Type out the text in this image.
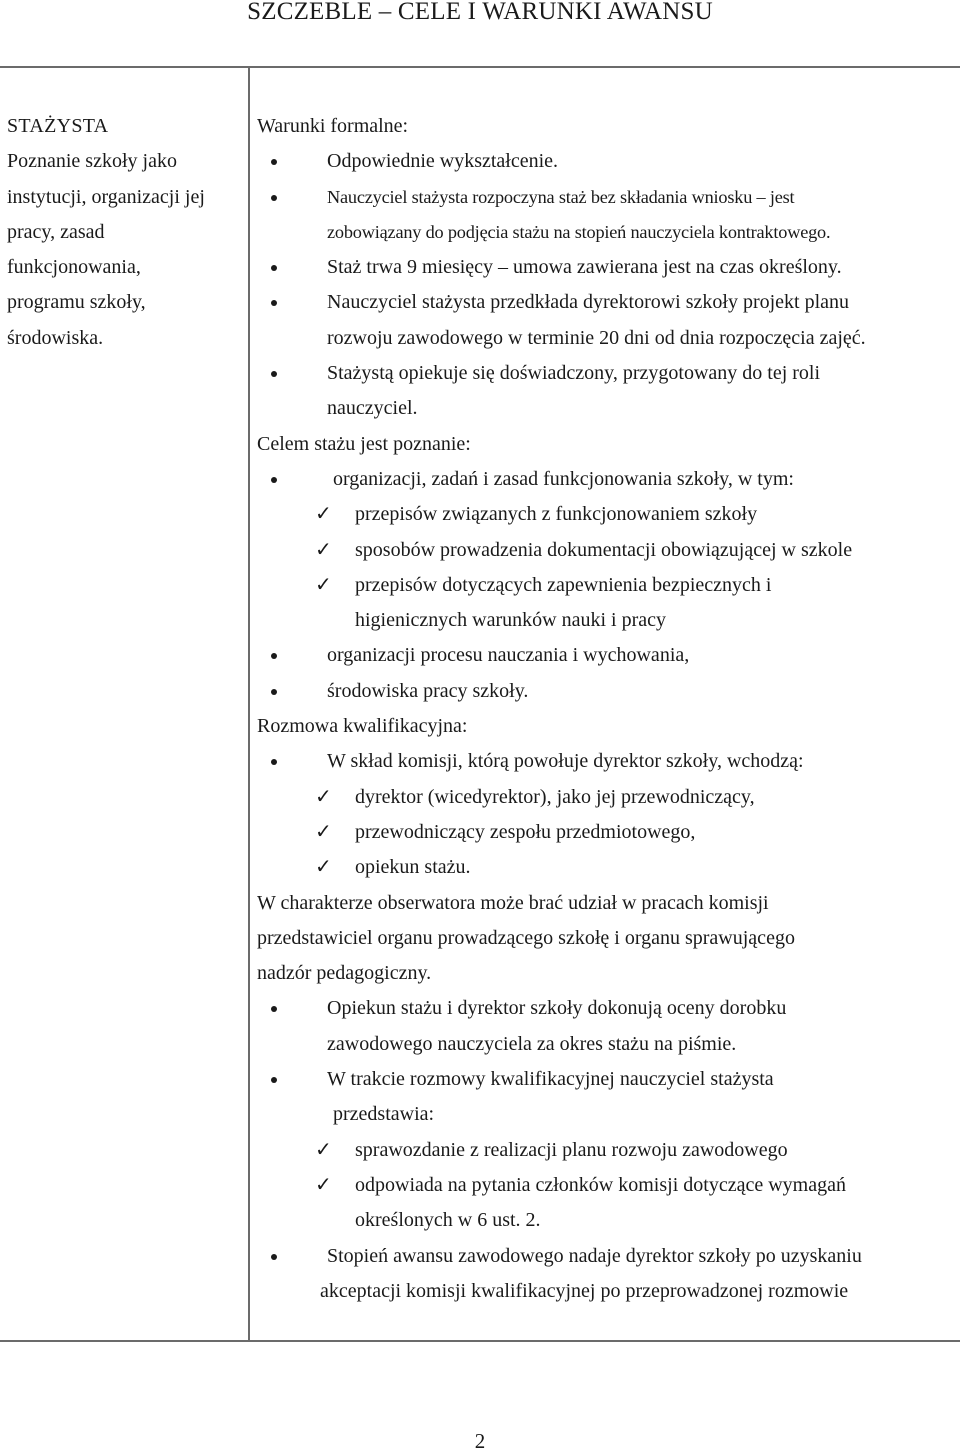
SZCZEBLE – CELE I WARUNKI AWANSU
STAŻYSTA
Poznanie szkoły jako
instytucji, organizacji jej
pracy, zasad
funkcjonowania,
programu szkoły,
środowiska.
Warunki formalne:
Odpowiednie wykształcenie.
Nauczyciel stażysta rozpoczyna staż bez składania wniosku – jest
zobowiązany do podjęcia stażu na stopień nauczyciela kontraktowego.
Staż trwa 9 miesięcy – umowa zawierana jest na czas określony.
Nauczyciel stażysta przedkłada dyrektorowi szkoły projekt planu
rozwoju zawodowego w terminie 20 dni od dnia rozpoczęcia zajęć.
Stażystą opiekuje się doświadczony, przygotowany do tej roli
nauczyciel.
Celem stażu jest poznanie:
organizacji, zadań i zasad funkcjonowania szkoły, w tym:
✓ przepisów związanych z funkcjonowaniem szkoły
✓ sposobów prowadzenia dokumentacji obowiązującej w szkole
✓ przepisów dotyczących zapewnienia bezpiecznych i
higienicznych warunków nauki i pracy
organizacji procesu nauczania i wychowania,
środowiska pracy szkoły.
Rozmowa kwalifikacyjna:
W skład komisji, którą powołuje dyrektor szkoły, wchodzą:
✓ dyrektor (wicedyrektor), jako jej przewodniczący,
✓ przewodniczący zespołu przedmiotowego,
✓ opiekun stażu.
W charakterze obserwatora może brać udział w pracach komisji
przedstawiciel organu prowadzącego szkołę i organu sprawującego
nadzór pedagogiczny.
Opiekun stażu i dyrektor szkoły dokonują oceny dorobku
zawodowego nauczyciela za okres stażu na piśmie.
W trakcie rozmowy kwalifikacyjnej nauczyciel stażysta
przedstawia:
✓ sprawozdanie z realizacji planu rozwoju zawodowego
✓ odpowiada na pytania członków komisji dotyczące wymagań
określonych w 6 ust. 2.
Stopień awansu zawodowego nadaje dyrektor szkoły po uzyskaniu
akceptacji komisji kwalifikacyjnej po przeprowadzonej rozmowie
2
